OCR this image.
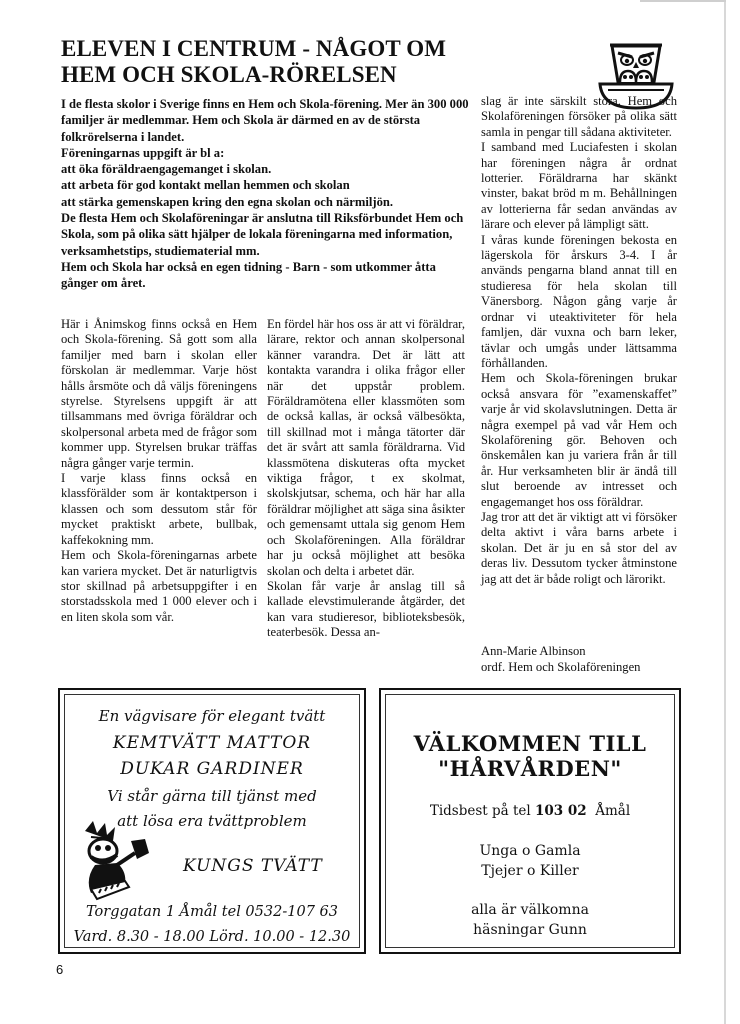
ELEVEN I CENTRUM - NÅGOT OM
HEM OCH SKOLA-RÖRELSEN

I de flesta skolor i Sverige finns en Hem och Skola-förening. Mer än 300 000 familjer är medlemmar. Hem och Skola är därmed en av de största folkrörelserna i landet.

Föreningarnas uppgift är bl a:

att öka föräldraengagemanget i skolan.

att arbeta för god kontakt mellan hemmen och skolan

att stärka gemenskapen kring den egna skolan och närmiljön.

De flesta Hem och Skolaföreningar är anslutna till Riksförbundet Hem och Skola, som på olika sätt hjälper de lokala föreningarna med information, verksamhetstips, studiematerial mm.

Hem och Skola har också en egen tidning - Barn - som utkommer åtta gånger om året.

Här i Ånimskog finns också en Hem och Skola-förening. Så gott som alla familjer med barn i skolan eller förskolan är medlemmar. Varje höst hålls årsmöte och då väljs föreningens styrelse. Styrelsens uppgift är att tillsammans med övriga föräldrar och skolpersonal arbeta med de frågor som kommer upp. Styrelsen brukar träffas några gånger varje termin.

I varje klass finns också en klassförälder som är kontaktperson i klassen och som dessutom står för mycket praktiskt arbete, bullbak, kaffekokning mm.

Hem och Skola-föreningarnas arbete kan variera mycket. Det är naturligtvis stor skillnad på arbetsuppgifter i en storstadsskola med 1 000 elever och i en liten skola som vår.

En fördel här hos oss är att vi föräldrar, lärare, rektor och annan skolpersonal känner varandra. Det är lätt att kontakta varandra i olika frågor eller när det uppstår problem. Föräldramötena eller klassmöten som de också kallas, är också välbesökta, till skillnad mot i många tätorter där det är svårt att samla föräldrarna. Vid klassmötena diskuteras ofta mycket viktiga frågor, t ex skolmat, skolskjutsar, schema, och här har alla föräldrar möjlighet att säga sina åsikter och gemensamt uttala sig genom Hem och Skolaföreningen. Alla föräldrar har ju också möjlighet att besöka skolan och delta i arbetet där.

Skolan får varje år anslag till så kallade elevstimulerande åtgärder, det kan vara studieresor, biblioteksbesök, teaterbesök. Dessa an-

slag är inte särskilt stora. Hem och Skolaföreningen försöker på olika sätt samla in pengar till sådana aktiviteter.

I samband med Luciafesten i skolan har föreningen några år ordnat lotterier. Föräldrarna har skänkt vinster, bakat bröd m m. Behållningen av lotterierna får sedan användas av lärare och elever på lämpligt sätt.

I våras kunde föreningen bekosta en lägerskola för årskurs 3-4. I år används pengarna bland annat till en studieresa för hela skolan till Vänersborg. Någon gång varje år ordnar vi uteaktiviteter för hela famljen, där vuxna och barn leker, tävlar och umgås under lättsamma förhållanden.

Hem och Skola-föreningen brukar också ansvara för ”examenskaffet” varje år vid skolavslutningen. Detta är några exempel på vad vår Hem och Skolaförening gör. Behoven och önskemålen kan ju variera från år till år. Hur verksamheten blir är ändå till slut beroende av intresset och engagemanget hos oss föräldrar.

Jag tror att det är viktigt att vi försöker delta aktivt i våra barns arbete i skolan. Det är ju en så stor del av deras liv. Dessutom tycker åtminstone jag att det är både roligt och lärorikt.

Ann-Marie Albinson

ordf. Hem och Skolaföreningen

En vägvisare för elegant tvätt
KEMTVÄTT MATTOR
DUKAR GARDINER
Vi står gärna till tjänst med
att lösa era tvättproblem
KUNGS TVÄTT
Torggatan 1 Åmål tel 0532-107 63
Vard. 8.30 - 18.00 Lörd. 10.00 - 12.30
VÄLKOMMEN TILL
"HÅRVÅRDEN"
Tidsbest på tel 103 02  Åmål
Unga o Gamla
Tjejer o Killer
alla är välkomna
häsningar Gunn
6
